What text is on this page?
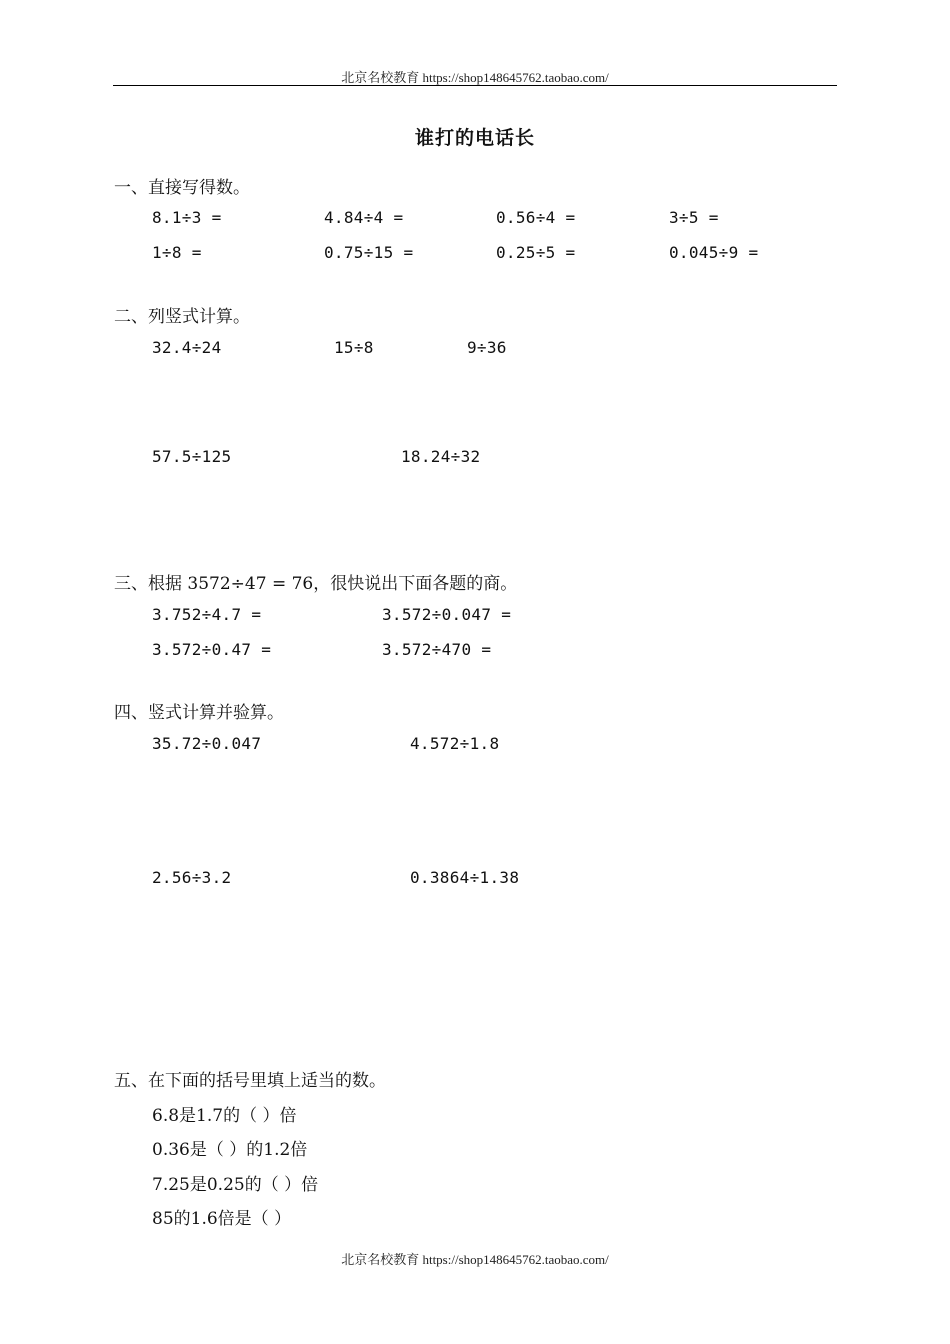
北京名校教育 https://shop148645762.taobao.com/
谁打的电话长
一、直接写得数。
8.1÷3 =	4.84÷4 =	0.56÷4 =	3÷5 =
1÷8 =	0.75÷15 =	0.25÷5 =	0.045÷9 =
二、列竖式计算。
32.4÷24	15÷8	9÷36
57.5÷125	18.24÷32
三、根据 3572÷47 = 76，很快说出下面各题的商。
3.752÷4.7 =	3.572÷0.047 =
3.572÷0.47 =	3.572÷470 =
四、竖式计算并验算。
35.72÷0.047	4.572÷1.8
2.56÷3.2	0.3864÷1.38
五、在下面的括号里填上适当的数。
6.8是1.7的（ ）倍
0.36是（ ）的1.2倍
7.25是0.25的（ ）倍
85的1.6倍是（ ）
北京名校教育 https://shop148645762.taobao.com/
